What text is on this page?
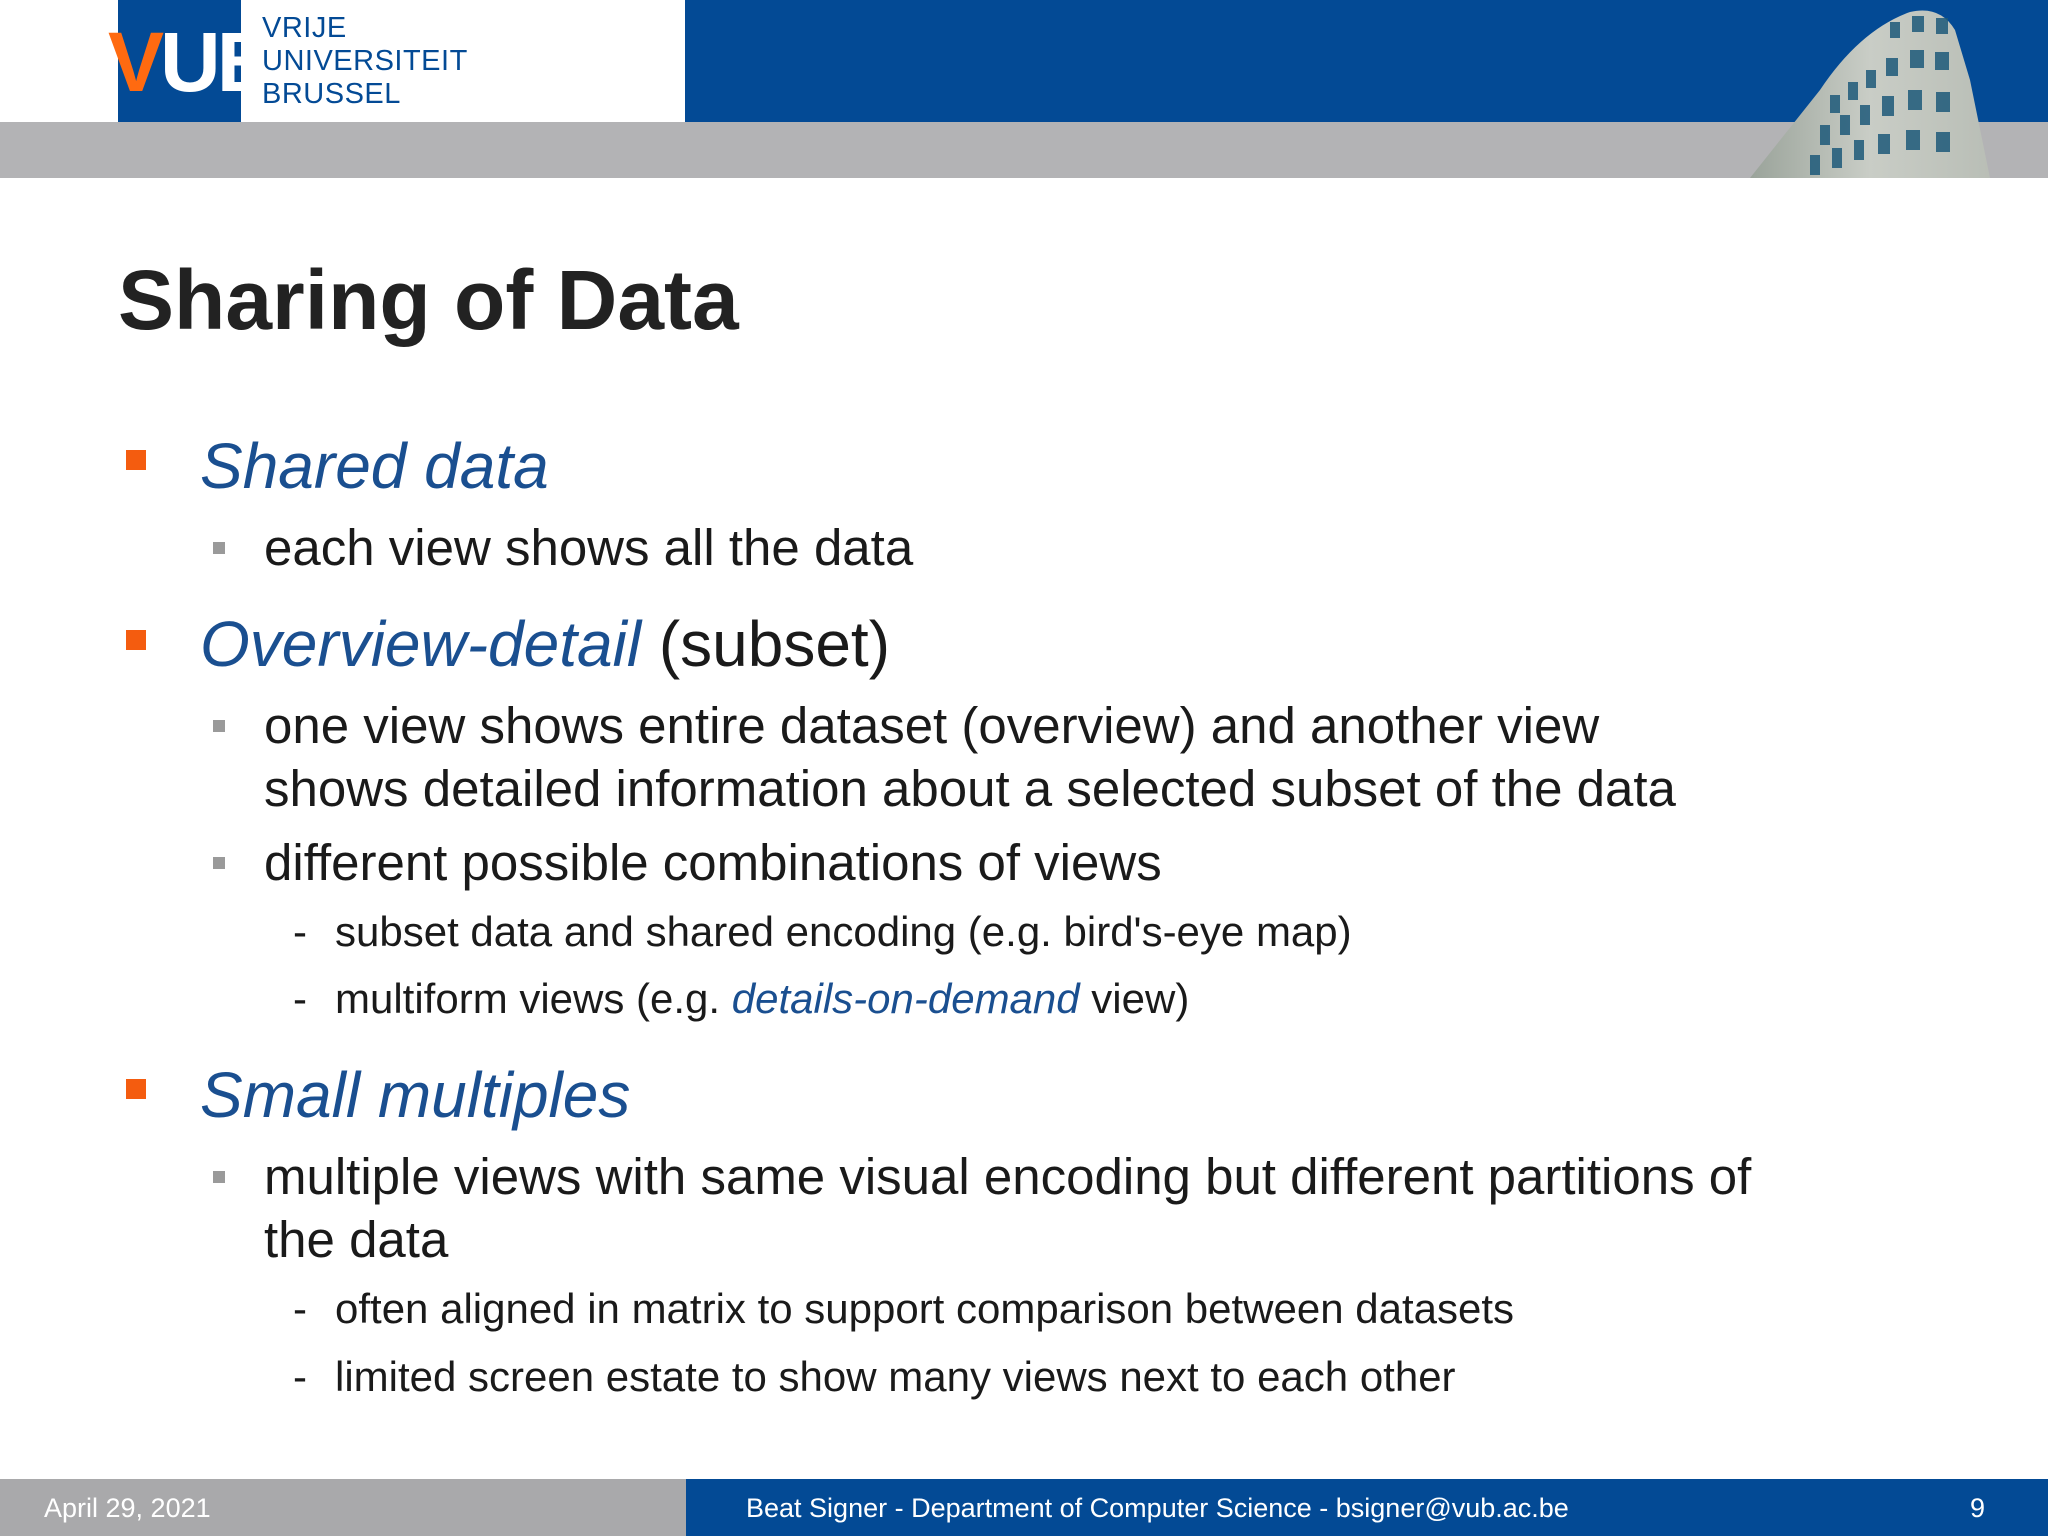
VUB
VRIJE
UNIVERSITEIT
BRUSSEL
Sharing of Data
Shared data
each view shows all the data
Overview-detail (subset)
one view shows entire dataset (overview) and another view
shows detailed information about a selected subset of the data
different possible combinations of views
- subset data and shared encoding (e.g. bird's-eye map)
- multiform views (e.g. details-on-demand view)
Small multiples
multiple views with same visual encoding but different partitions of
the data
- often aligned in matrix to support comparison between datasets
- limited screen estate to show many views next to each other
April 29, 2021	Beat Signer - Department of Computer Science - bsigner@vub.ac.be	9
